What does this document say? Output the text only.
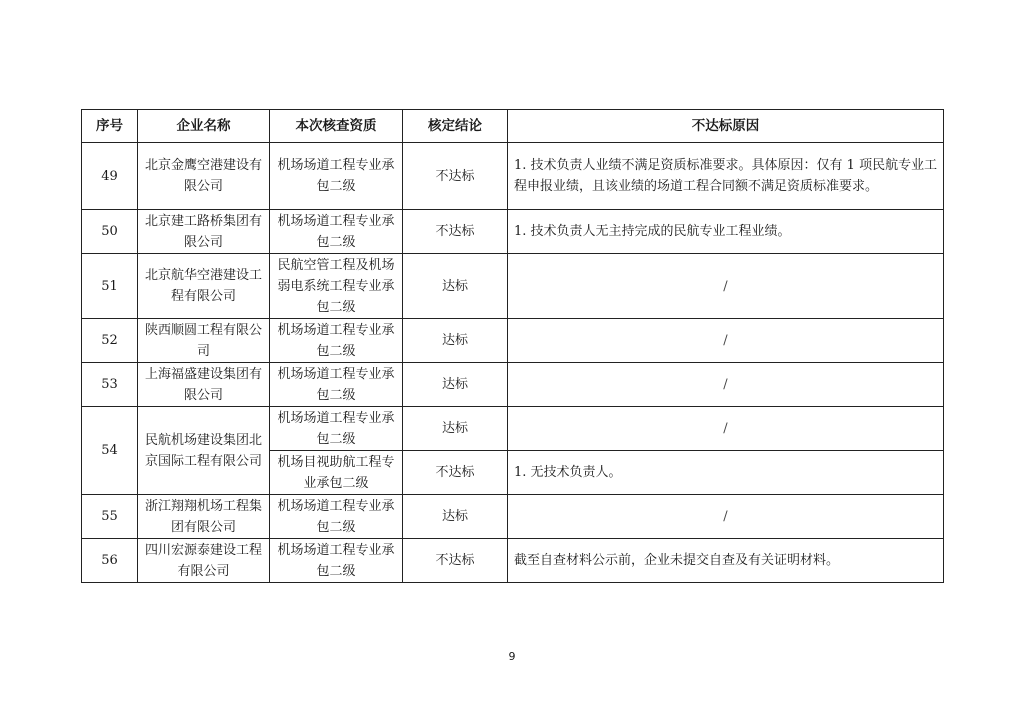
序号	企业名称	本次核查资质	核定结论	不达标原因
49	北京金鹰空港建设有限公司	机场场道工程专业承包二级	不达标	1. 技术负责人业绩不满足资质标准要求。具体原因：仅有 1 项民航专业工程申报业绩，且该业绩的场道工程合同额不满足资质标准要求。
50	北京建工路桥集团有限公司	机场场道工程专业承包二级	不达标	1. 技术负责人无主持完成的民航专业工程业绩。
51	北京航华空港建设工程有限公司	民航空管工程及机场弱电系统工程专业承包二级	达标	/
52	陕西顺圆工程有限公司	机场场道工程专业承包二级	达标	/
53	上海福盛建设集团有限公司	机场场道工程专业承包二级	达标	/
54	民航机场建设集团北京国际工程有限公司	机场场道工程专业承包二级	达标	/
		机场目视助航工程专业承包二级	不达标	1. 无技术负责人。
55	浙江翔翔机场工程集团有限公司	机场场道工程专业承包二级	达标	/
56	四川宏源泰建设工程有限公司	机场场道工程专业承包二级	不达标	截至自查材料公示前，企业未提交自查及有关证明材料。
9
